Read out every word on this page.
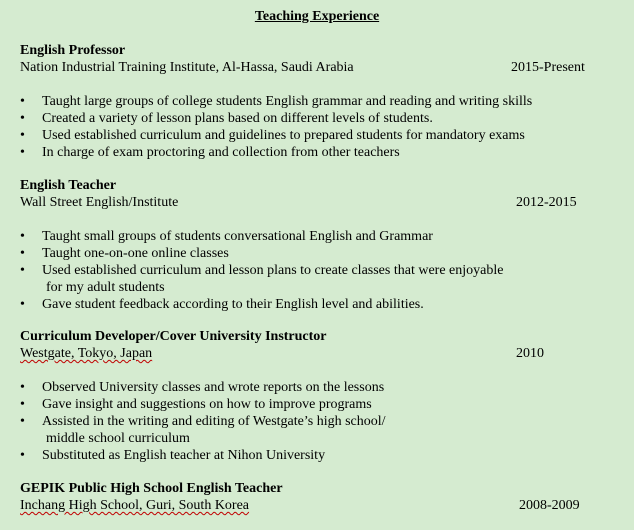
Teaching Experience
English Professor
Nation Industrial Training Institute, Al-Hassa, Saudi Arabia	2015-Present
• Taught large groups of college students English grammar and reading and writing skills
• Created a variety of lesson plans based on different levels of students.
• Used established curriculum and guidelines to prepared students for mandatory exams
• In charge of exam proctoring and collection from other teachers
English Teacher
Wall Street English/Institute	2012-2015
• Taught small groups of students conversational English and Grammar
• Taught one-on-one online classes
• Used established curriculum and lesson plans to create classes that were enjoyable
for my adult students
• Gave student feedback according to their English level and abilities.
Curriculum Developer/Cover University Instructor
Westgate, Tokyo, Japan	2010
• Observed University classes and wrote reports on the lessons
• Gave insight and suggestions on how to improve programs
• Assisted in the writing and editing of Westgate’s high school/
middle school curriculum
• Substituted as English teacher at Nihon University
GEPIK Public High School English Teacher
Inchang High School, Guri, South Korea	2008-2009
